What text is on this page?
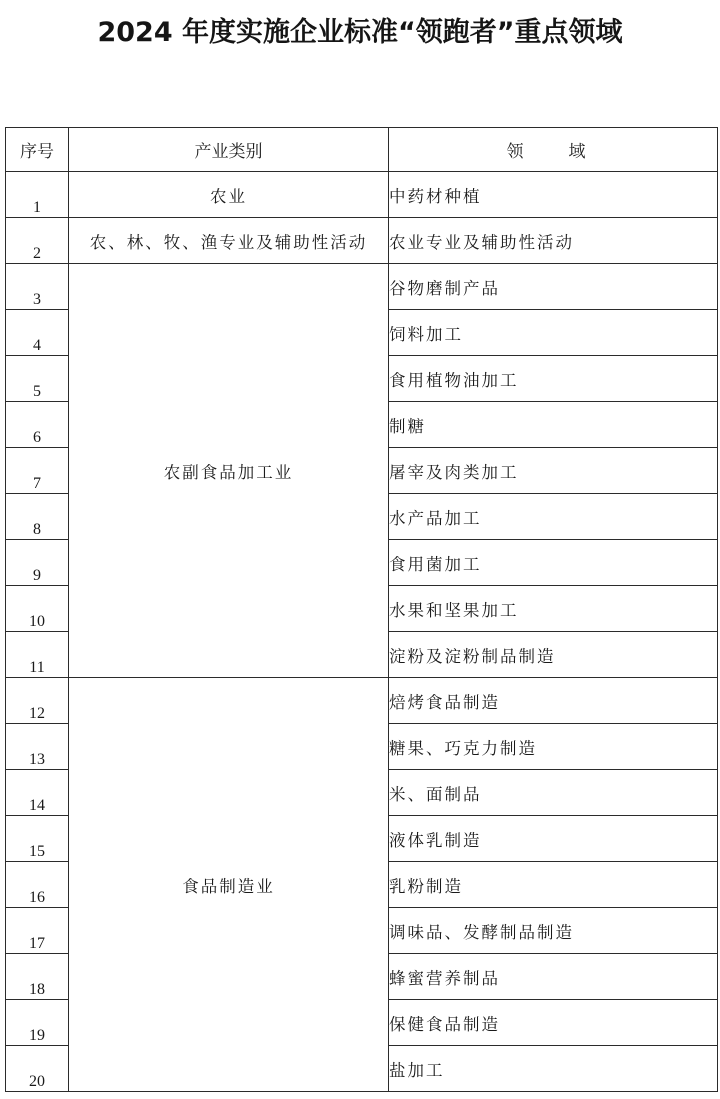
2024 年度实施企业标准“领跑者”重点领域
序号	产业类别	领　域
1	农业	中药材种植
2	农、林、牧、渔专业及辅助性活动	农业专业及辅助性活动
3	农副食品加工业	谷物磨制产品
4		饲料加工
5		食用植物油加工
6		制糖
7		屠宰及肉类加工
8		水产品加工
9		食用菌加工
10		水果和坚果加工
11		淀粉及淀粉制品制造
12	食品制造业	焙烤食品制造
13		糖果、巧克力制造
14		米、面制品
15		液体乳制造
16		乳粉制造
17		调味品、发酵制品制造
18		蜂蜜营养制品
19		保健食品制造
20		盐加工
